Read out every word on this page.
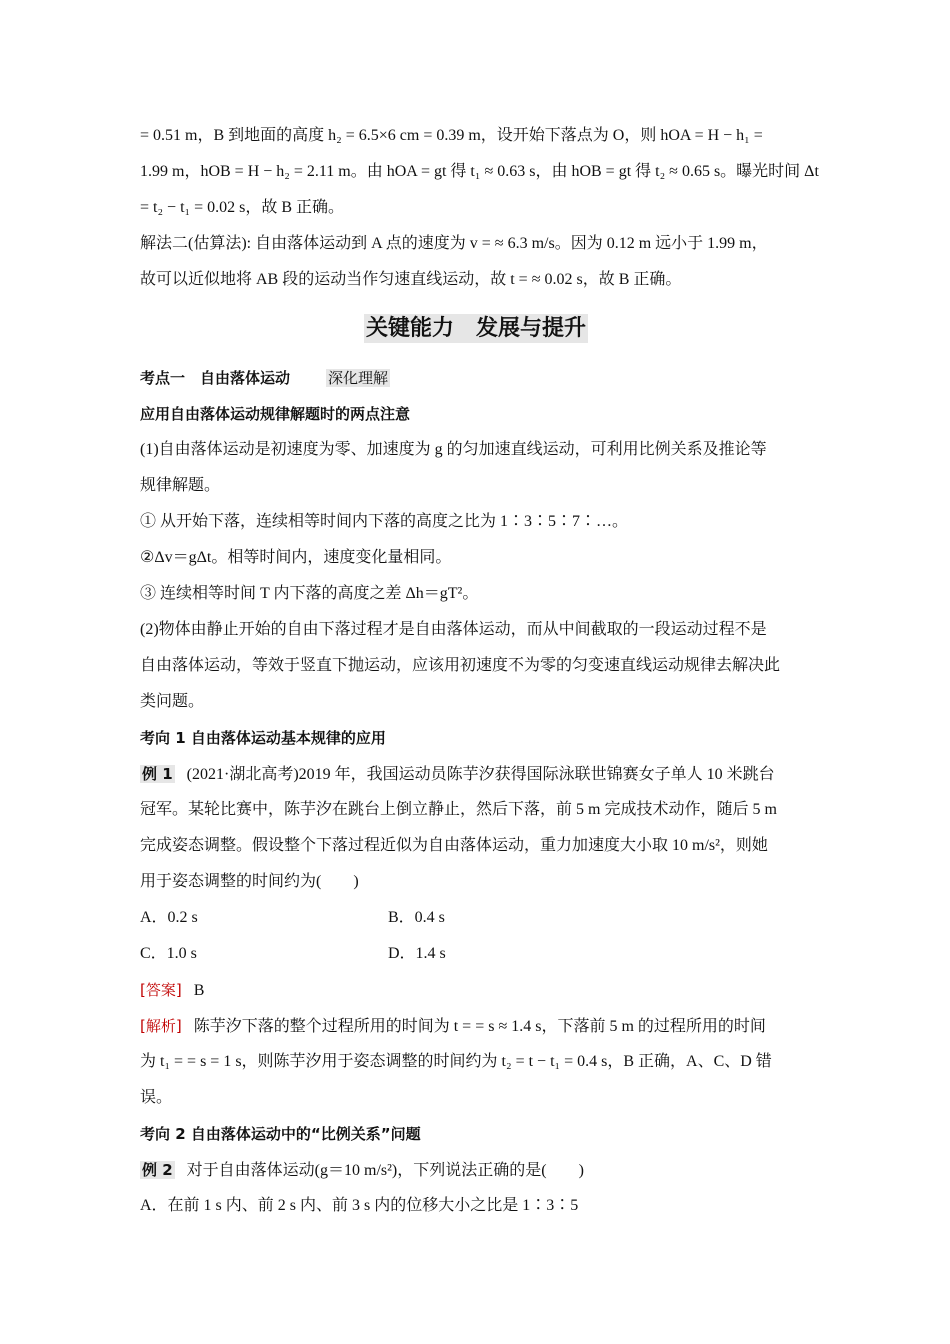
= 0.51 m，B 到地面的高度 h₂ = 6.5×6 cm = 0.39 m，设开始下落点为 O，则 hOA = H − h₁ =
1.99 m，hOB = H − h₂ = 2.11 m。由 hOA = gt 得 t₁ ≈ 0.63 s，由 hOB = gt 得 t₂ ≈ 0.65 s。曝光时间 Δt
= t₂ − t₁ = 0.02 s，故 B 正确。
解法二(估算法): 自由落体运动到 A 点的速度为 v = ≈ 6.3 m/s。因为 0.12 m 远小于 1.99 m，
故可以近似地将 AB 段的运动当作匀速直线运动，故 t = ≈ 0.02 s，故 B 正确。
关键能力　发展与提升
考点一　自由落体运动	深化理解
应用自由落体运动规律解题时的两点注意
(1)自由落体运动是初速度为零、加速度为 g 的匀加速直线运动，可利用比例关系及推论等
规律解题。
① 从开始下落，连续相等时间内下落的高度之比为 1∶3∶5∶7∶…。
②Δv＝gΔt。相等时间内，速度变化量相同。
③ 连续相等时间 T 内下落的高度之差 Δh＝gT²。
(2)物体由静止开始的自由下落过程才是自由落体运动，而从中间截取的一段运动过程不是
自由落体运动，等效于竖直下抛运动，应该用初速度不为零的匀变速直线运动规律去解决此
类问题。
考向 1 自由落体运动基本规律的应用
例 1 (2021·湖北高考)2019 年，我国运动员陈芋汐获得国际泳联世锦赛女子单人 10 米跳台
冠军。某轮比赛中，陈芋汐在跳台上倒立静止，然后下落，前 5 m 完成技术动作，随后 5 m
完成姿态调整。假设整个下落过程近似为自由落体运动，重力加速度大小取 10 m/s²，则她
用于姿态调整的时间约为(　　)
A．0.2 s	B．0.4 s
C．1.0 s	D．1.4 s
[答案] B
[解析] 陈芋汐下落的整个过程所用的时间为 t = = s ≈ 1.4 s，下落前 5 m 的过程所用的时间
为 t₁ = = s = 1 s，则陈芋汐用于姿态调整的时间约为 t₂ = t − t₁ = 0.4 s，B 正确，A、C、D 错
误。
考向 2 自由落体运动中的“比例关系”问题
例 2 对于自由落体运动(g＝10 m/s²)，下列说法正确的是(　　)
A．在前 1 s 内、前 2 s 内、前 3 s 内的位移大小之比是 1∶3∶5
